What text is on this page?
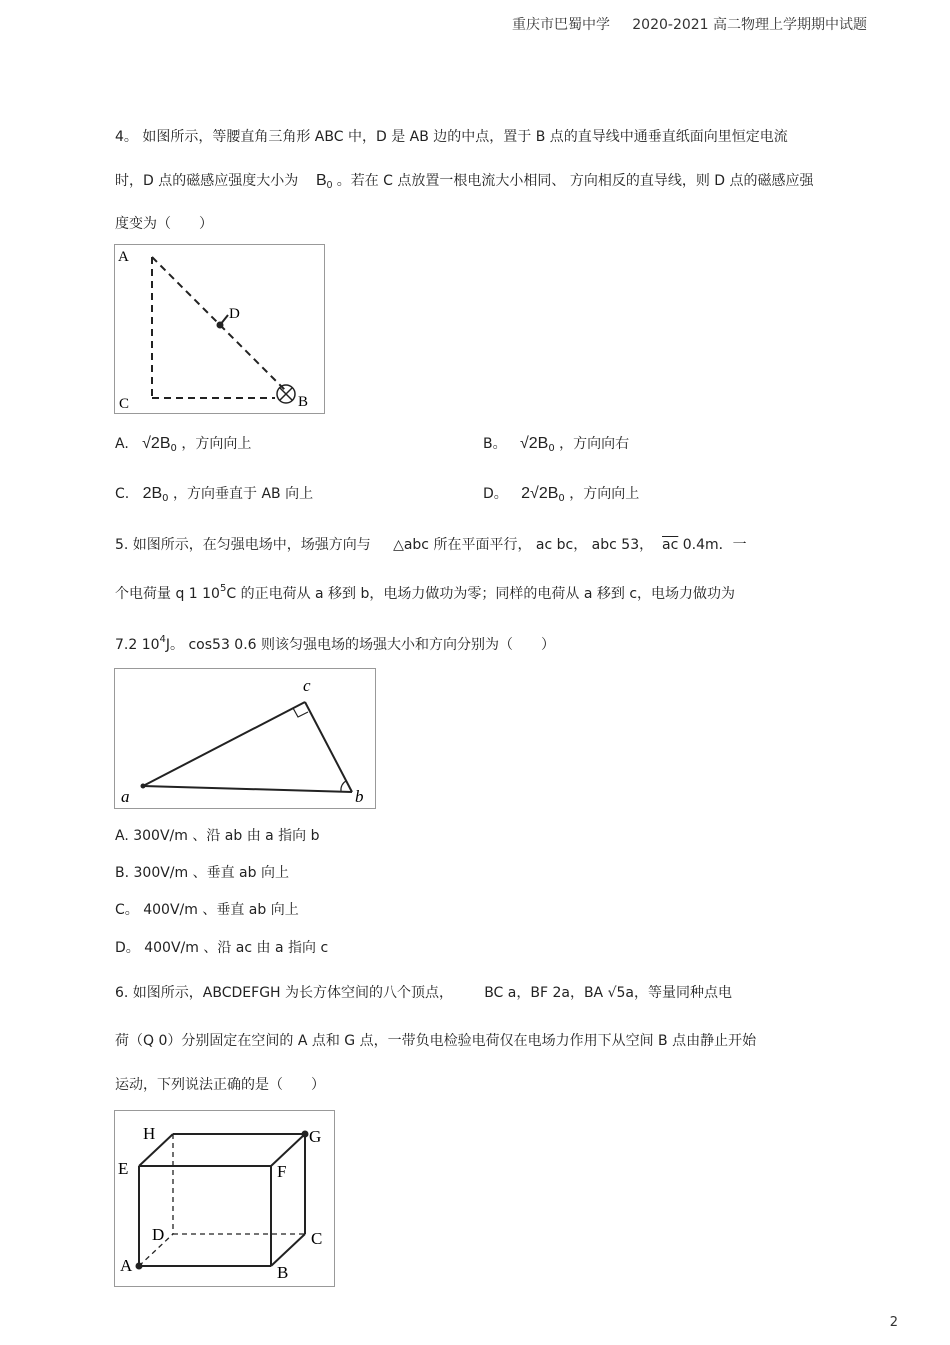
重庆市巴蜀中学 2020-2021 高二物理上学期期中试题
4。 如图所示，等腰直角三角形 ABC 中，D 是 AB 边的中点，置于 B 点的直导线中通垂直纸面向里恒定电流
时，D 点的磁感应强度大小为 $B_0$ 。若在 C 点放置一根电流大小相同、 方向相反的直导线，则 D 点的磁感应强
度变为（　　）
A
D
C	B
A. $√2B_0$ ，方向向上	B。 $√2B_0$ ，方向向右
C. $2B_0$ ，方向垂直于 AB 向上	D。 $2√2B_0$ ，方向向上
5. 如图所示，在匀强电场中，场强方向与 △abc 所在平面平行， ac bc， abc 53， $\overline{ac}$ 0.4m．一
个电荷量 q 1 $10^5C$ 的正电荷从 a 移到 b，电场力做功为零；同样的电荷从 a 移到 c，电场力做功为
7.2 $10^4J$。 cos53 0.6 则该匀强电场的场强大小和方向分别为（　　）
a
c
b
A. 300V/m 、沿 ab 由 a 指向 b
B. 300V/m 、垂直 ab 向上
C。 400V/m 、垂直 ab 向上
D。 400V/m 、沿 ac 由 a 指向 c
6. 如图所示，ABCDEFGH 为长方体空间的八个顶点， BC a，BF 2a，BA √5a，等量同种点电
荷（Q 0）分别固定在空间的 A 点和 G 点，一带负电检验电荷仅在电场力作用下从空间 B 点由静止开始
运动，下列说法正确的是（　　）
H	G
E	F
D	C
A	B
2
